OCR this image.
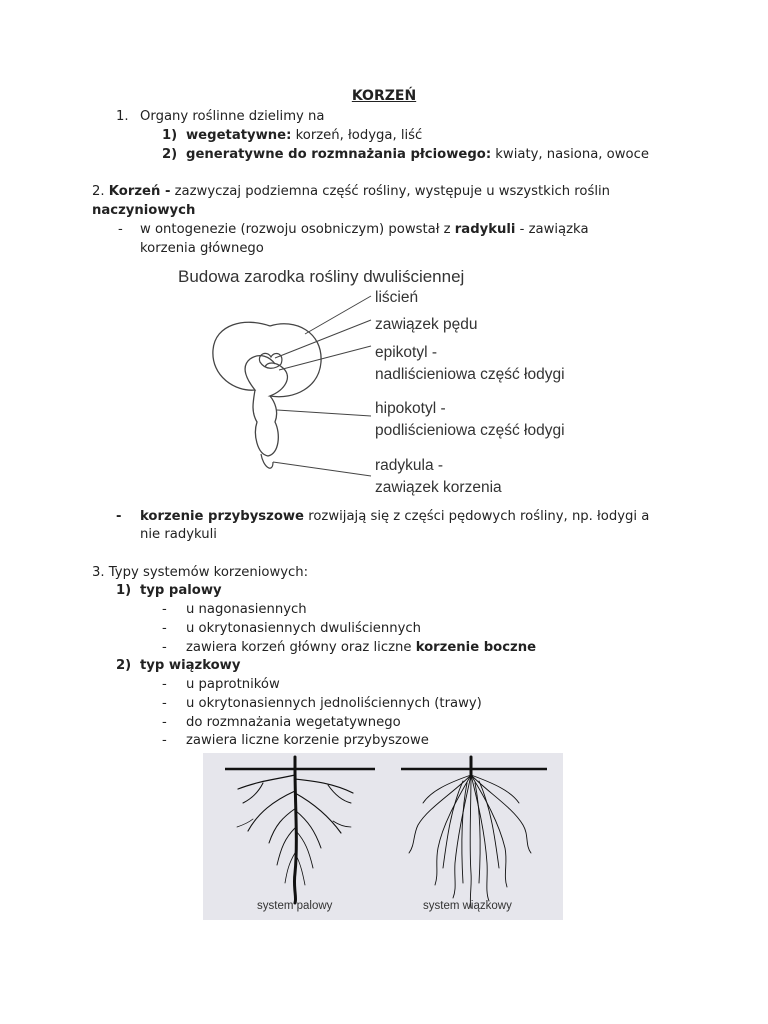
KORZEŃ
1. Organy roślinne dzielimy na
1) wegetatywne: korzeń, łodyga, liść
2) generatywne do rozmnażania płciowego: kwiaty, nasiona, owoce
2. Korzeń - zazwyczaj podziemna część rośliny, występuje u wszystkich roślin
naczyniowych
- w ontogenezie (rozwoju osobniczym) powstał z radykuli - zawiązka
korzenia głównego
Budowa zarodka rośliny dwuliściennej
liścień
zawiązek pędu
epikotyl -
nadliścieniowa część łodygi
hipokotyl -
podliścieniowa część łodygi
radykula -
zawiązek korzenia
- korzenie przybyszowe rozwijają się z części pędowych rośliny, np. łodygi a
nie radykuli
3. Typy systemów korzeniowych:
1) typ palowy
- u nagonasiennych
- u okrytonasiennych dwuliściennych
- zawiera korzeń główny oraz liczne korzenie boczne
2) typ wiązkowy
- u paprotników
- u okrytonasiennych jednoliściennych (trawy)
- do rozmnażania wegetatywnego
- zawiera liczne korzenie przybyszowe
system palowy	system wiązkowy
